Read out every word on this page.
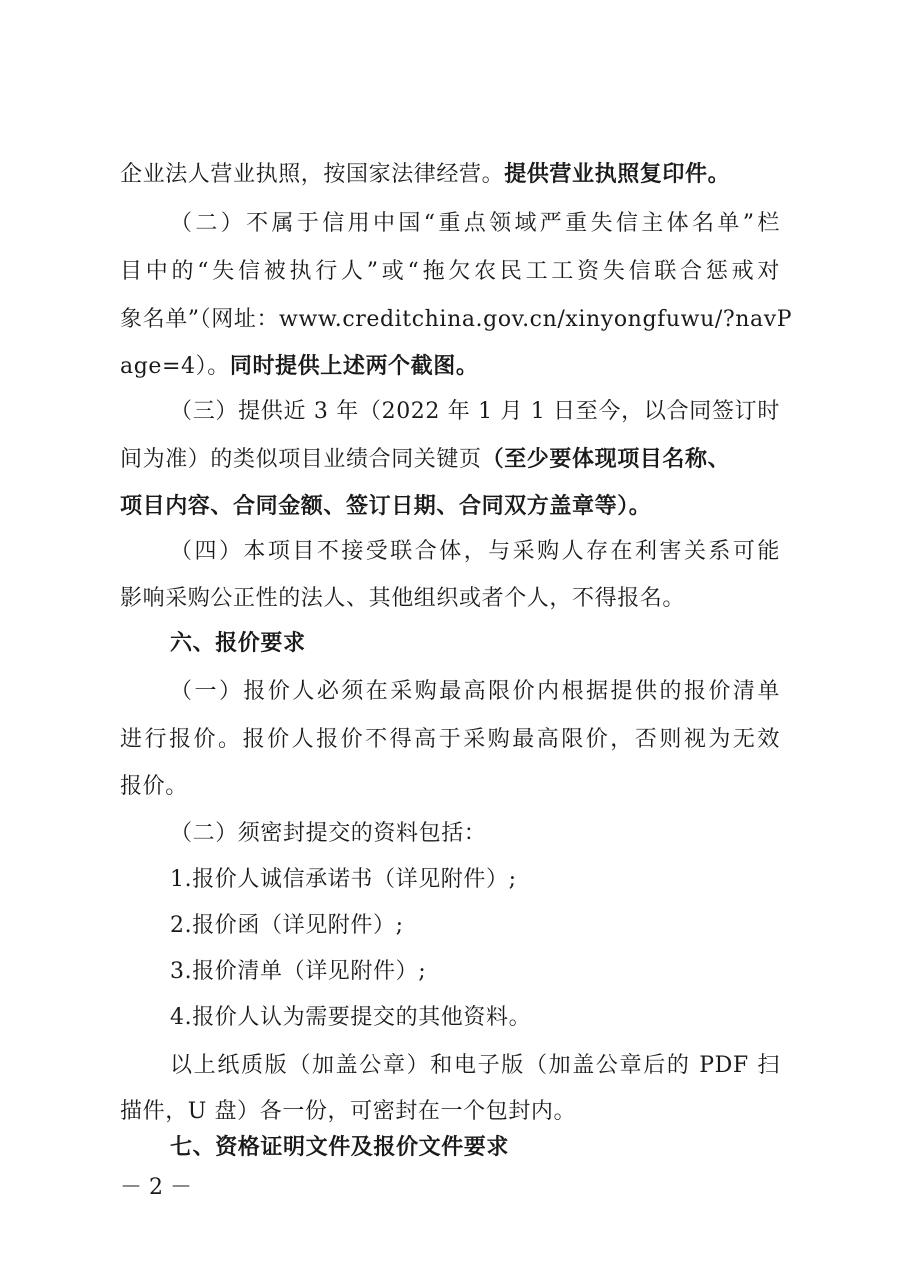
企业法人营业执照，按国家法律经营。提供营业执照复印件。
（二）不属于信用中国“重点领域严重失信主体名单”栏
目中的“失信被执行人”或“拖欠农民工工资失信联合惩戒对
象名单”（网址：www.creditchina.gov.cn/xinyongfuwu/?navP
age=4）。同时提供上述两个截图。
（三）提供近 3 年（2022 年 1 月 1 日至今，以合同签订时
间为准）的类似项目业绩合同关键页（至少要体现项目名称、
项目内容、合同金额、签订日期、合同双方盖章等）。
（四）本项目不接受联合体，与采购人存在利害关系可能
影响采购公正性的法人、其他组织或者个人，不得报名。
六、报价要求
（一）报价人必须在采购最高限价内根据提供的报价清单
进行报价。报价人报价不得高于采购最高限价，否则视为无效
报价。
（二）须密封提交的资料包括：
1.报价人诚信承诺书（详见附件）;
2.报价函（详见附件）;
3.报价清单（详见附件）;
4.报价人认为需要提交的其他资料。
以上纸质版（加盖公章）和电子版（加盖公章后的 PDF 扫
描件，U 盘）各一份，可密封在一个包封内。
七、资格证明文件及报价文件要求
－ 2 －
